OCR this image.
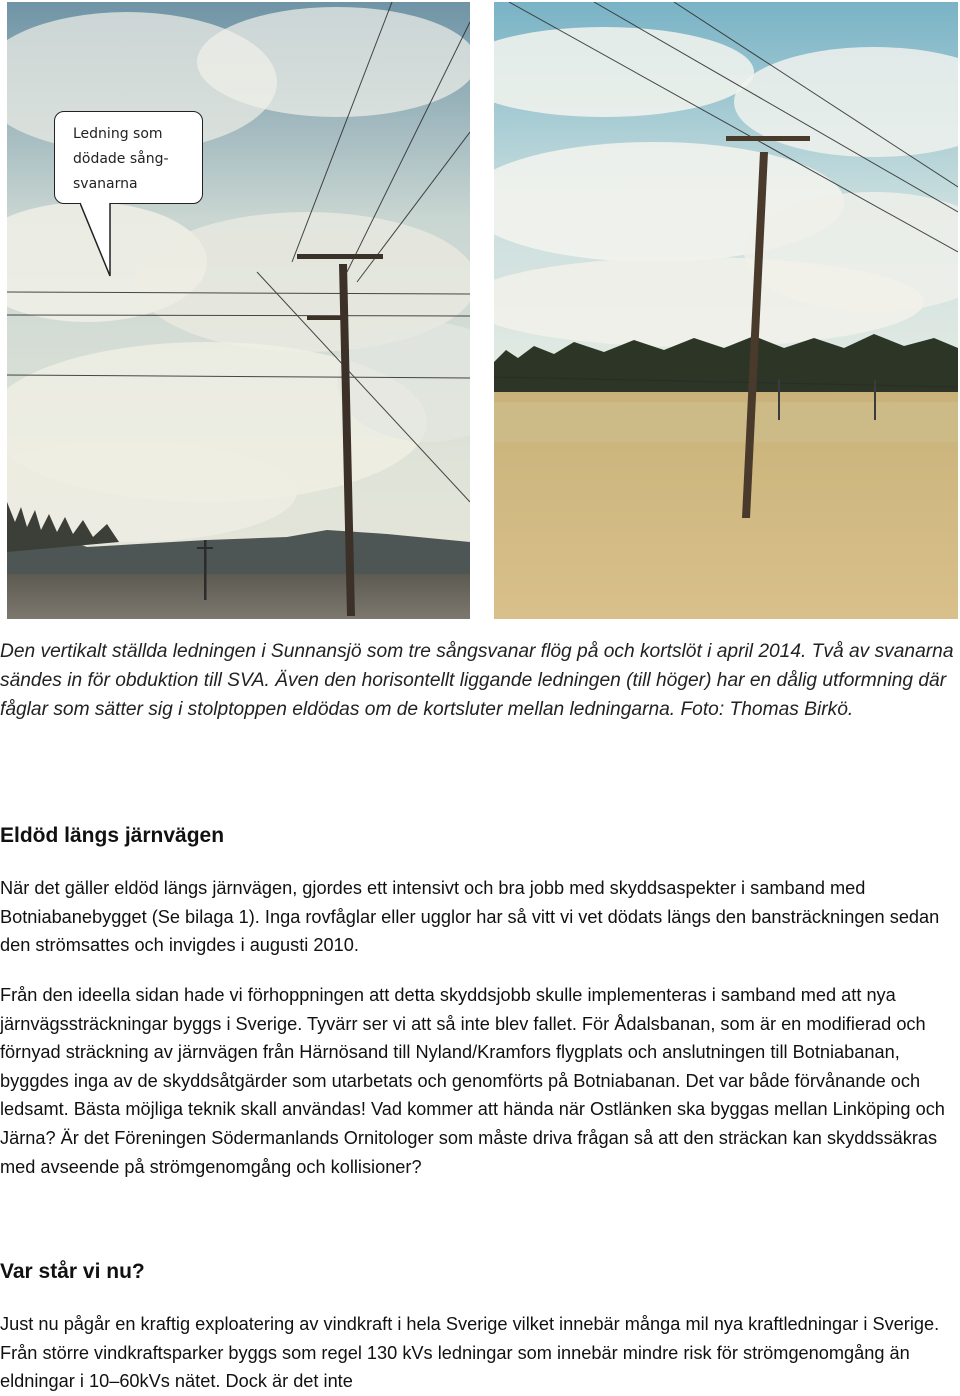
Ledning som dödade sång-svanarna
Den vertikalt ställda ledningen i Sunnansjö som tre sångsvanar flög på och kortslöt i april 2014. Två av svanarna sändes in för obduktion till SVA. Även den horisontellt liggande ledningen (till höger) har en dålig utformning där fåglar som sätter sig i stolptoppen eldödas om de kortsluter mellan ledningarna. Foto: Thomas Birkö.
Eldöd längs järnvägen
När det gäller eldöd längs järnvägen, gjordes ett intensivt och bra jobb med skyddsaspekter i samband med Botniabanebygget (Se bilaga 1). Inga rovfåglar eller ugglor har så vitt vi vet dödats längs den bansträckningen sedan den strömsattes och invigdes i augusti 2010.
Från den ideella sidan hade vi förhoppningen att detta skyddsjobb skulle implementeras i samband med att nya järnvägssträckningar byggs i Sverige. Tyvärr ser vi att så inte blev fallet. För Ådalsbanan, som är en modifierad och förnyad sträckning av järnvägen från Härnösand till Nyland/Kramfors flygplats och anslutningen till Botniabanan, byggdes inga av de skyddsåtgärder som utarbetats och genomförts på Botniabanan. Det var både förvånande och ledsamt. Bästa möjliga teknik skall användas! Vad kommer att hända när Ostlänken ska byggas mellan Linköping och Järna? Är det Föreningen Södermanlands Ornitologer som måste driva frågan så att den sträckan kan skyddssäkras med avseende på strömgenomgång och kollisioner?
Var står vi nu?
Just nu pågår en kraftig exploatering av vindkraft i hela Sverige vilket innebär många mil nya kraftledningar i Sverige. Från större vindkraftsparker byggs som regel 130 kVs ledningar som innebär mindre risk för strömgenomgång än eldningar i 10–60kVs nätet. Dock är det inte
